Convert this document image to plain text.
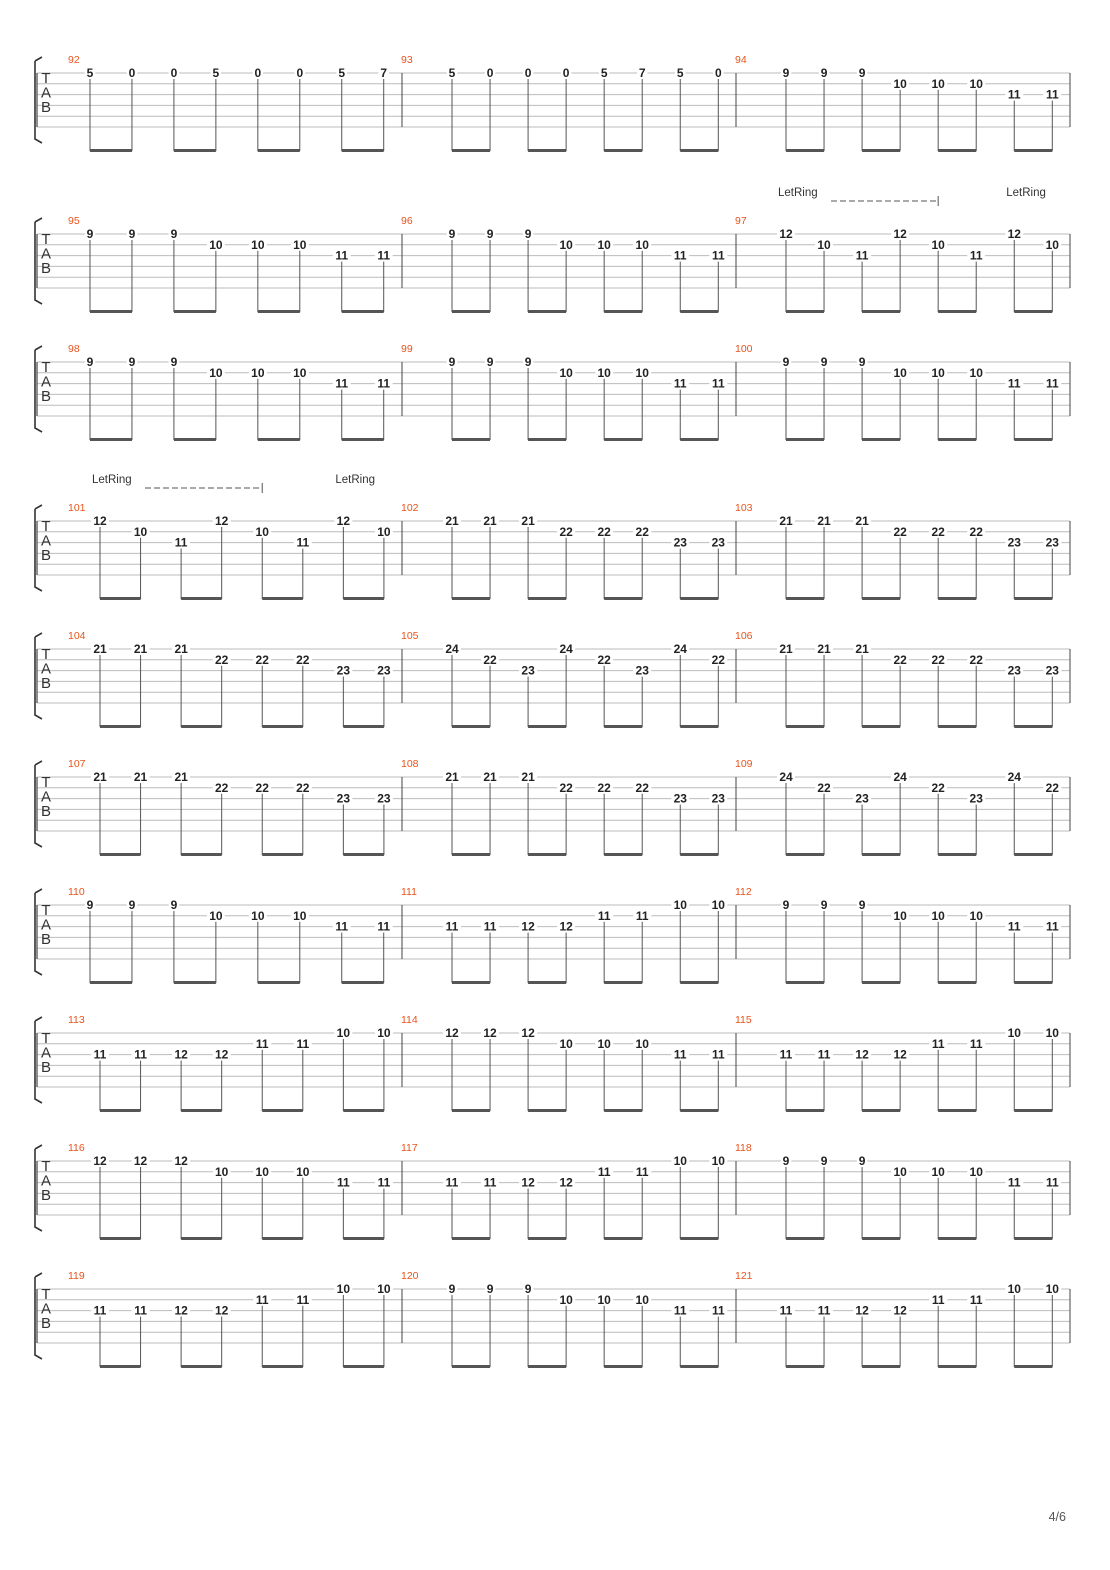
T
A
B
92
5	0	0	5	0	0	5	7
93
5	0	0	0	5	7	5	0
94
9	9	9
10 10 10
11 11
T
A
B
95
9	9	9
10 10 10
11 11
96
9	9	9
10 10 10
11 11
97
12
10
11
12
10
11
12
10
LetRing	LetRing
T
A
B
98
9	9	9
10 10 10
11 11
99
9	9	9
10 10 10
11 11
100
9	9	9
10 10 10
11 11
T
A
B
101
12
10
11
12
10
11
12
10
102
21 21 21
22 22 22
23 23
103
21 21 21
22 22 22
23 23
LetRing	LetRing
T
A
B
104
21 21 21
22 22 22
23 23
105
24
22
23
24
22
23
24
22
106
21 21 21
22 22 22
23 23
T
A
B
107
21 21 21
22 22 22
23 23
108
21 21 21
22 22 22
23 23
109
24
22
23
24
22
23
24
22
T
A
B
110
9	9	9
10 10 10
11 11
111
11 11 12 12
11 11
10 10
112
9	9	9
10 10 10
11 11
T
A
B
113
11 11 12 12
11 11
10 10
114
12 12 12
10 10 10
11 11
115
11 11 12 12
11 11
10 10
T
A
B
116
12 12 12
10 10 10
11 11
117
11 11 12 12
11 11
10 10
118
9	9	9
10 10 10
11 11
T
A
B
119
11 11 12 12
11 11
10 10
120
9	9	9
10 10 10
11 11
121
11 11 12 12
11 11
10 10
4/6
